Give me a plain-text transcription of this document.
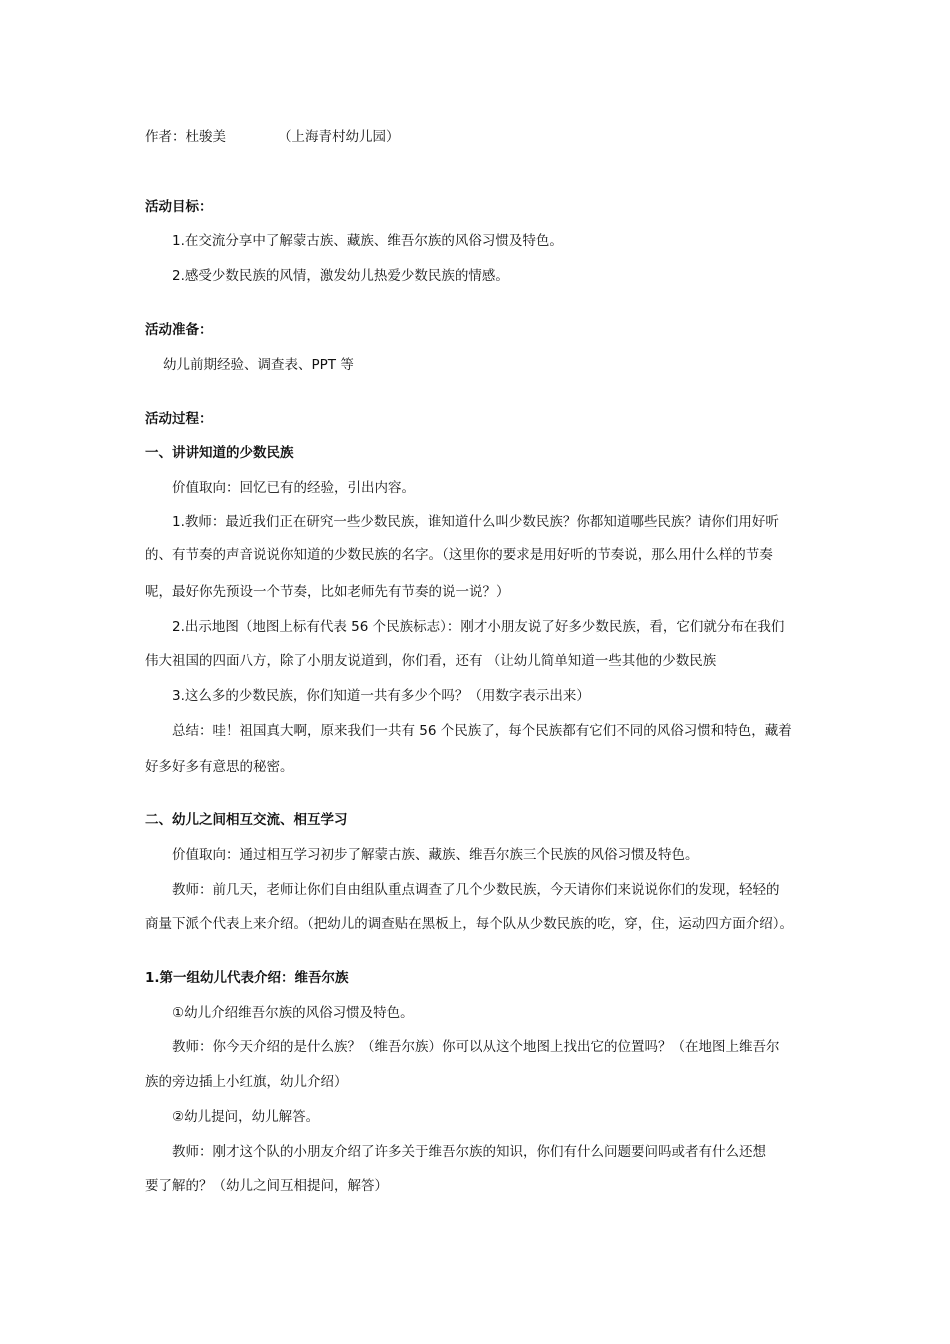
作者：杜骏美	（上海青村幼儿园）
活动目标：
1.在交流分享中了解蒙古族、藏族、维吾尔族的风俗习惯及特色。
2.感受少数民族的风情，激发幼儿热爱少数民族的情感。
活动准备：
幼儿前期经验、调查表、PPT 等
活动过程：
一、讲讲知道的少数民族
价值取向：回忆已有的经验，引出内容。
1.教师：最近我们正在研究一些少数民族，谁知道什么叫少数民族？你都知道哪些民族？请你们用好听
的、有节奏的声音说说你知道的少数民族的名字。（这里你的要求是用好听的节奏说，那么用什么样的节奏
呢，最好你先预设一个节奏，比如老师先有节奏的说一说？）
2.出示地图（地图上标有代表 56 个民族标志）：刚才小朋友说了好多少数民族，看，它们就分布在我们
伟大祖国的四面八方，除了小朋友说道到，你们看，还有 （让幼儿简单知道一些其他的少数民族
3.这么多的少数民族，你们知道一共有多少个吗？（用数字表示出来）
总结：哇！祖国真大啊，原来我们一共有 56 个民族了，每个民族都有它们不同的风俗习惯和特色，藏着
好多好多有意思的秘密。
二、幼儿之间相互交流、相互学习
价值取向：通过相互学习初步了解蒙古族、藏族、维吾尔族三个民族的风俗习惯及特色。
教师：前几天，老师让你们自由组队重点调查了几个少数民族，今天请你们来说说你们的发现，轻轻的
商量下派个代表上来介绍。（把幼儿的调查贴在黑板上，每个队从少数民族的吃，穿，住，运动四方面介绍）。
1.第一组幼儿代表介绍：维吾尔族
①幼儿介绍维吾尔族的风俗习惯及特色。
教师：你今天介绍的是什么族？（维吾尔族）你可以从这个地图上找出它的位置吗？（在地图上维吾尔
族的旁边插上小红旗，幼儿介绍）
②幼儿提问，幼儿解答。
教师：刚才这个队的小朋友介绍了许多关于维吾尔族的知识，你们有什么问题要问吗或者有什么还想
要了解的？（幼儿之间互相提问，解答）
